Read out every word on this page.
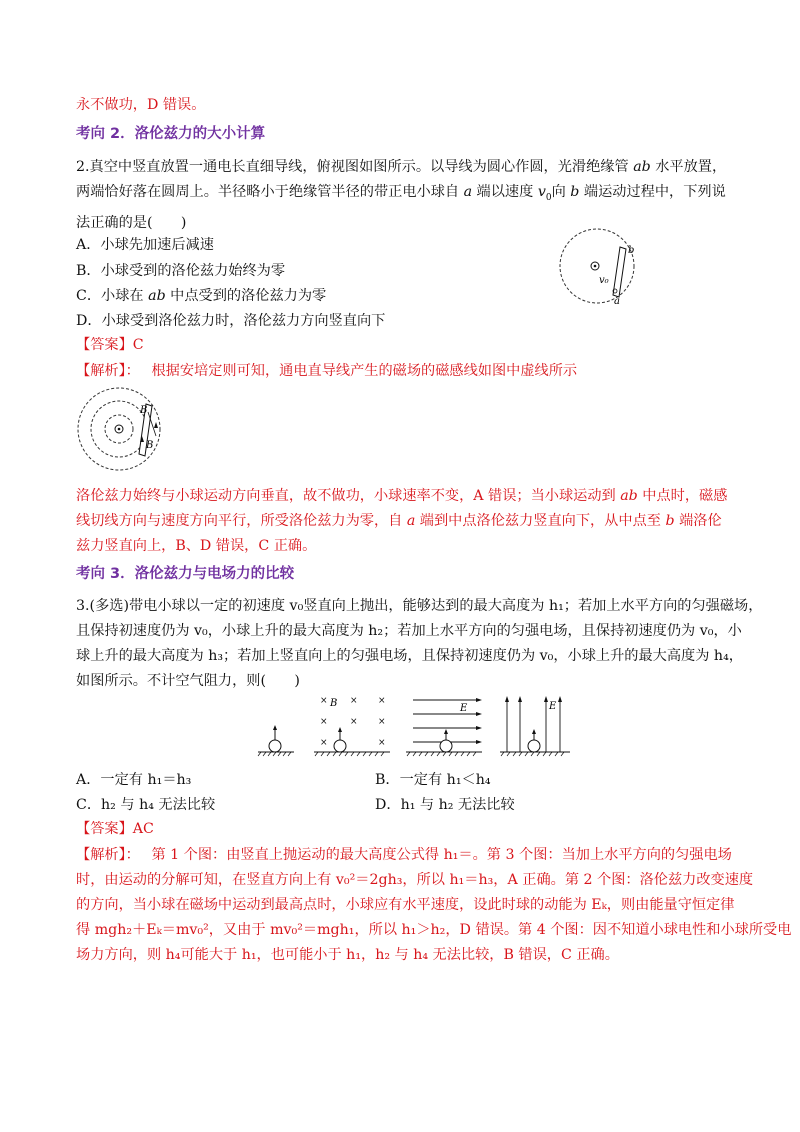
永不做功，D 错误。

考向 2．洛伦兹力的大小计算

2.真空中竖直放置一通电长直细导线，俯视图如图所示。以导线为圆心作圆，光滑绝缘管 ab 水平放置，两端恰好落在圆周上。半径略小于绝缘管半径的带正电小球自 a 端以速度 $v_0$向 b 端运动过程中，下列说法正确的是(　　)

A．小球先加速后减速
B．小球受到的洛伦兹力始终为零
C．小球在 ab 中点受到的洛伦兹力为零
D．小球受到洛伦兹力时，洛伦兹力方向竖直向下
b
v₀
a

【答案】C

【解析】：　 根据安培定则可知，通电直导线产生的磁场的磁感线如图中虚线所示

B
B

洛伦兹力始终与小球运动方向垂直，故不做功，小球速率不变，A 错误；当小球运动到 ab 中点时，磁感线切线方向与速度方向平行，所受洛伦兹力为零，自 a 端到中点洛伦兹力竖直向下，从中点至 b 端洛伦兹力竖直向上，B、D 错误，C 正确。

考向 3．洛伦兹力与电场力的比较

3.(多选)带电小球以一定的初速度 v₀竖直向上抛出，能够达到的最大高度为 h₁；若加上水平方向的匀强磁场，

且保持初速度仍为 v₀，小球上升的最大高度为 h₂；若加上水平方向的匀强电场，且保持初速度仍为 v₀，小

球上升的最大高度为 h₃；若加上竖直向上的匀强电场，且保持初速度仍为 v₀，小球上升的最大高度为 h₄，

如图所示。不计空气阻力，则(　　)

× × ×
× × ×
×	×
B	E	E
A．一定有 h₁＝h₃	B．一定有 h₁＜h₄
C．h₂ 与 h₄ 无法比较	D．h₁ 与 h₂ 无法比较

【答案】AC

【解析】：　 第 1 个图：由竖直上抛运动的最大高度公式得 h₁＝。第 3 个图：当加上水平方向的匀强电场

时，由运动的分解可知，在竖直方向上有 v₀²＝2gh₃，所以 h₁＝h₃，A 正确。第 2 个图：洛伦兹力改变速度

的方向，当小球在磁场中运动到最高点时，小球应有水平速度，设此时球的动能为 Eₖ，则由能量守恒定律

得 mgh₂＋Eₖ＝mv₀²，又由于 mv₀²＝mgh₁，所以 h₁＞h₂，D 错误。第 4 个图：因不知道小球电性和小球所受电

场力方向，则 h₄可能大于 h₁，也可能小于 h₁，h₂ 与 h₄ 无法比较，B 错误，C 正确。
